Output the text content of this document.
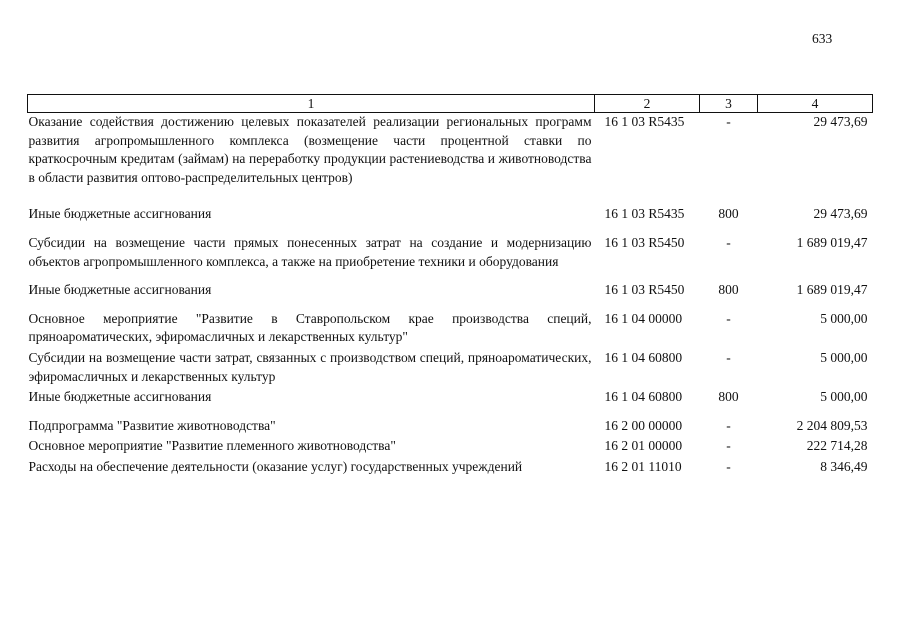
633
1	2	3	4
Оказание содействия достижению целевых показателей реализации региональных программ развития агропромышленного комплекса (возмещение части процентной ставки по краткосрочным кредитам (займам) на переработку продукции растениеводства и животноводства в области развития оптово-распределительных центров)	16 1 03 R5435	-	29 473,69
Иные бюджетные ассигнования	16 1 03 R5435	800	29 473,69
Субсидии на возмещение части прямых понесенных затрат на создание и модернизацию объектов агропромышленного комплекса, а также на приобретение техники и оборудования	16 1 03 R5450	-	1 689 019,47
Иные бюджетные ассигнования	16 1 03 R5450	800	1 689 019,47
Основное мероприятие "Развитие в Ставропольском крае производства специй, пряноароматических, эфиромасличных и лекарственных культур"	16 1 04 00000	-	5 000,00
Субсидии на возмещение части затрат, связанных с производством специй, пряноароматических, эфиромасличных и лекарственных культур	16 1 04 60800	-	5 000,00
Иные бюджетные ассигнования	16 1 04 60800	800	5 000,00
Подпрограмма "Развитие животноводства"	16 2 00 00000	-	2 204 809,53
Основное мероприятие "Развитие племенного животноводства"	16 2 01 00000	-	222 714,28
Расходы на обеспечение деятельности (оказание услуг) государственных учреждений	16 2 01 11010	-	8 346,49
